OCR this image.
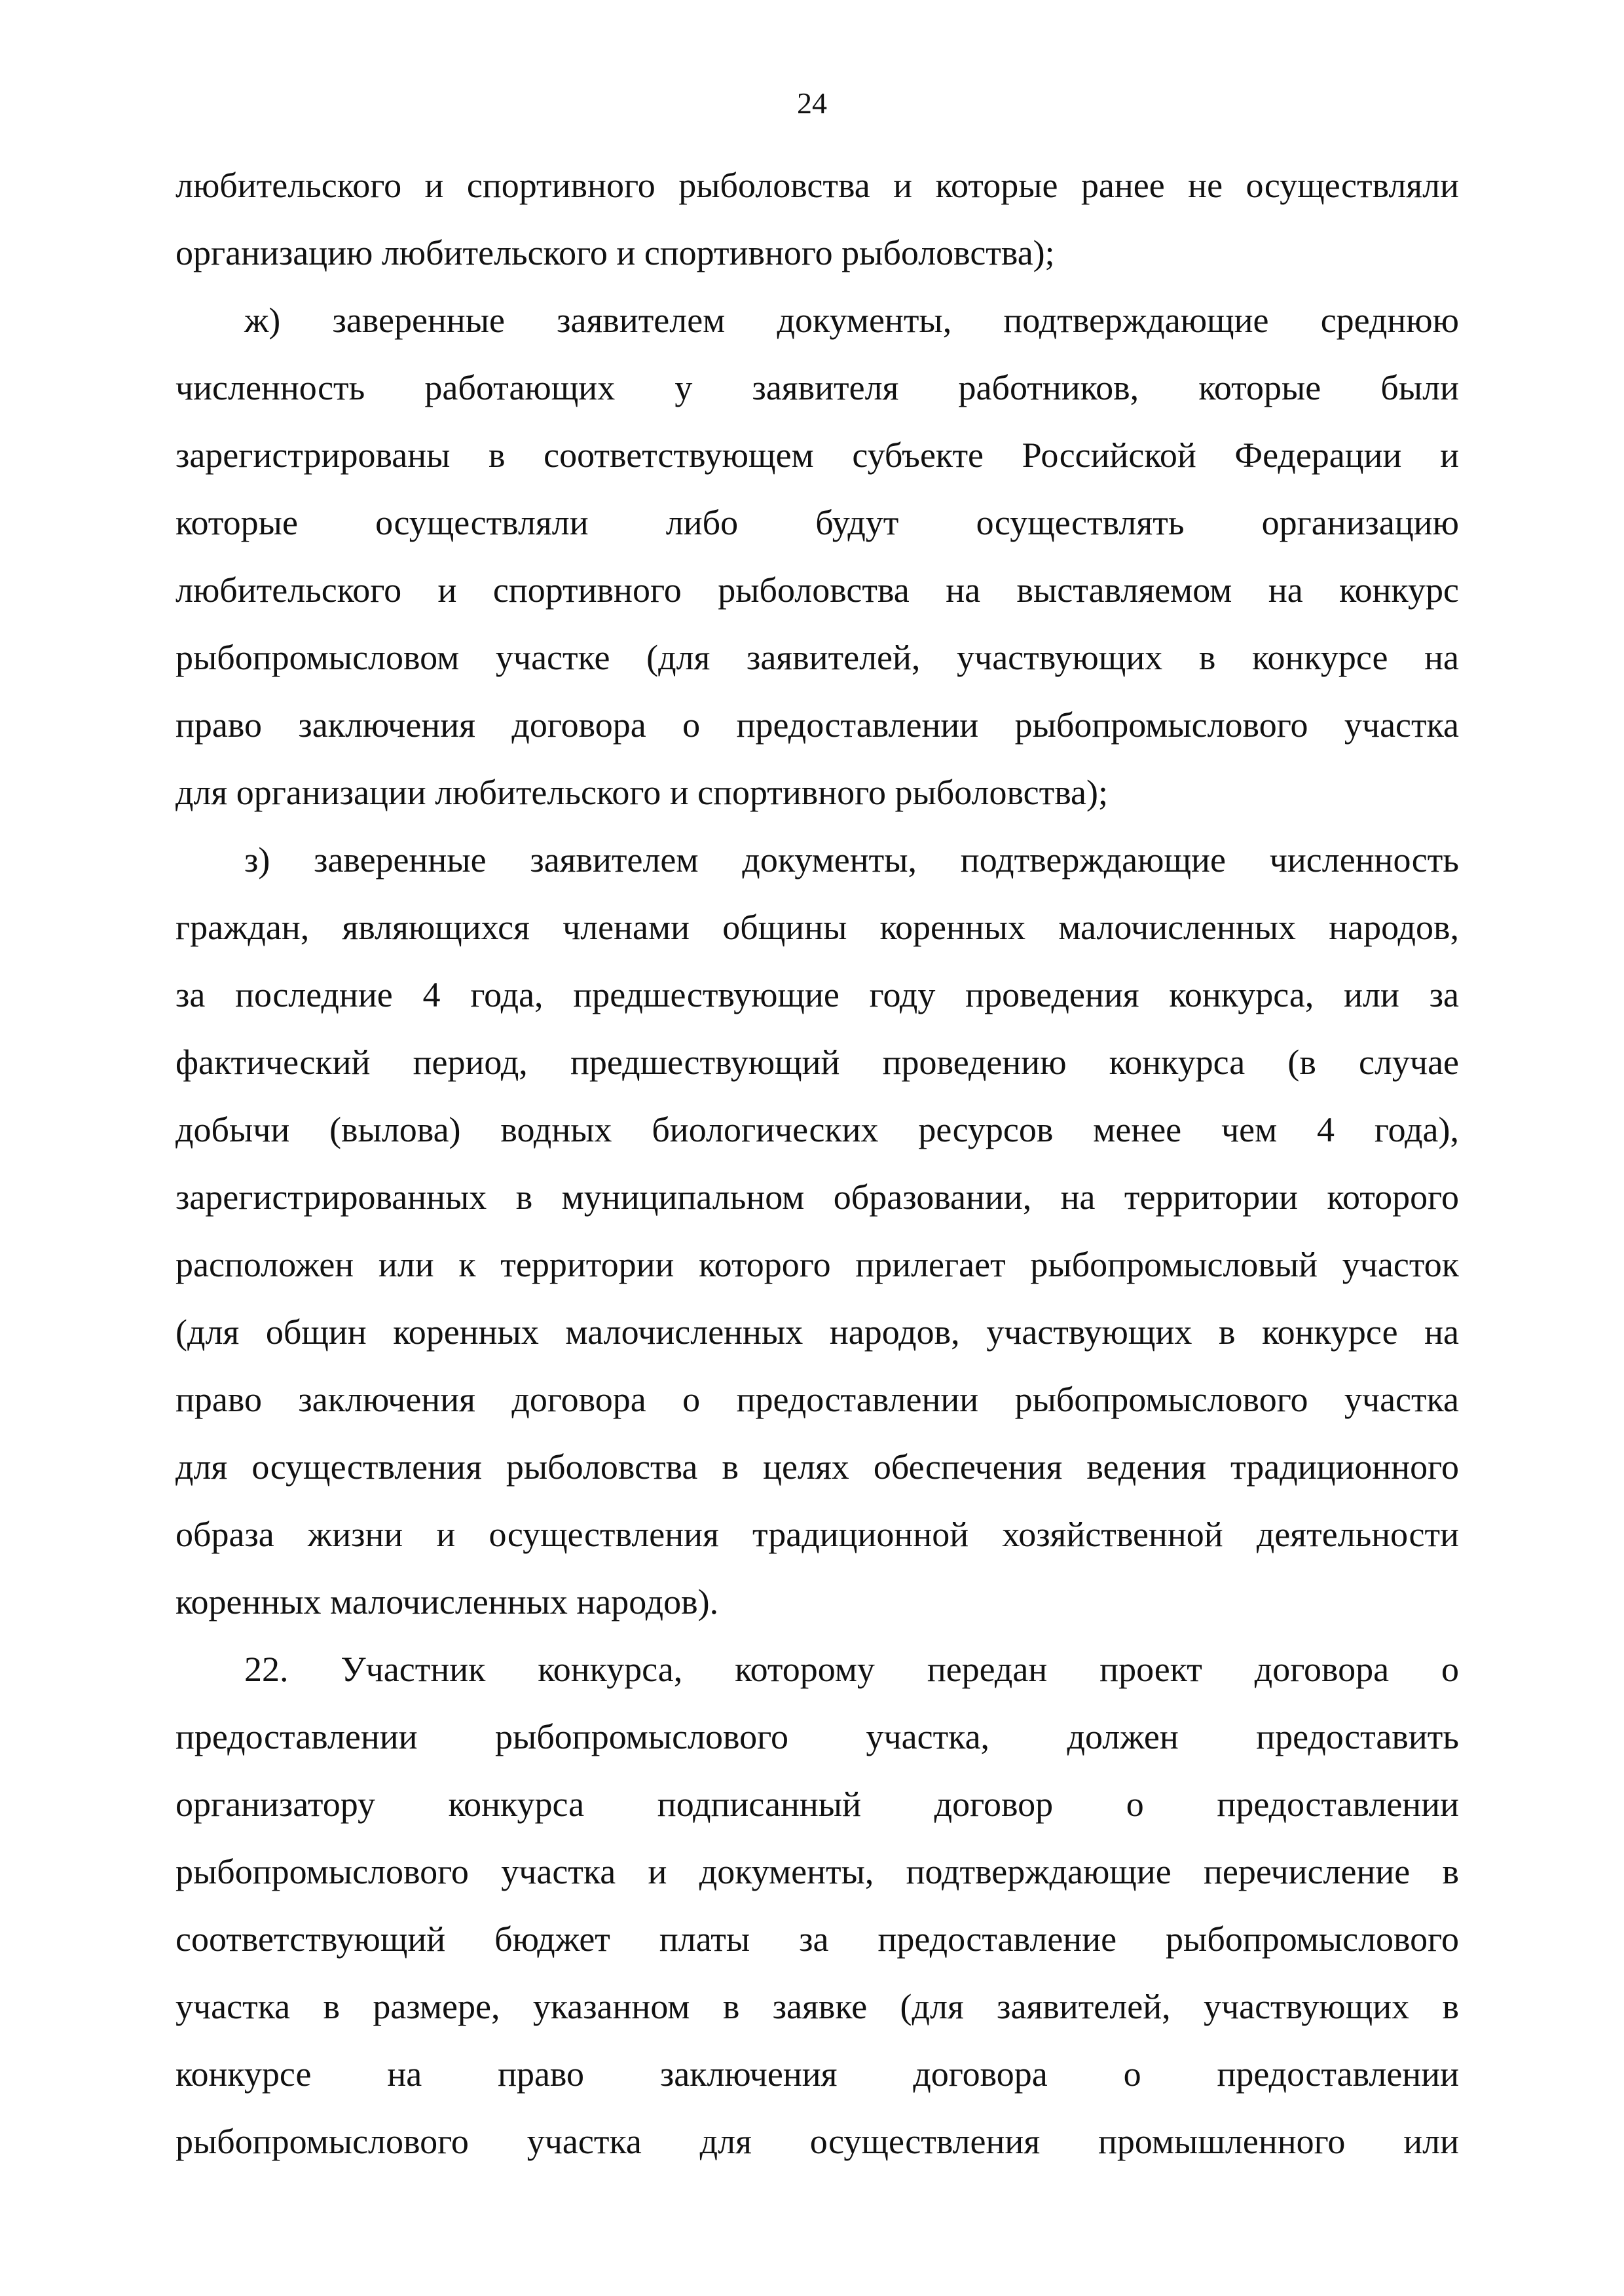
24
любительского и спортивного рыболовства и которые ранее не осуществляли
организацию любительского и спортивного рыболовства);
ж) заверенные заявителем документы, подтверждающие среднюю
численность работающих у заявителя работников, которые были
зарегистрированы в соответствующем субъекте Российской Федерации и
которые осуществляли либо будут осуществлять организацию
любительского и спортивного рыболовства на выставляемом на конкурс
рыбопромысловом участке (для заявителей, участвующих в конкурсе на
право заключения договора о предоставлении рыбопромыслового участка
для организации любительского и спортивного рыболовства);
з) заверенные заявителем документы, подтверждающие численность
граждан, являющихся членами общины коренных малочисленных народов,
за последние 4 года, предшествующие году проведения конкурса, или за
фактический период, предшествующий проведению конкурса (в случае
добычи (вылова) водных биологических ресурсов менее чем 4 года),
зарегистрированных в муниципальном образовании, на территории которого
расположен или к территории которого прилегает рыбопромысловый участок
(для общин коренных малочисленных народов, участвующих в конкурсе на
право заключения договора о предоставлении рыбопромыслового участка
для осуществления рыболовства в целях обеспечения ведения традиционного
образа жизни и осуществления традиционной хозяйственной деятельности
коренных малочисленных народов).
22. Участник конкурса, которому передан проект договора о
предоставлении рыбопромыслового участка, должен предоставить
организатору конкурса подписанный договор о предоставлении
рыбопромыслового участка и документы, подтверждающие перечисление в
соответствующий бюджет платы за предоставление рыбопромыслового
участка в размере, указанном в заявке (для заявителей, участвующих в
конкурсе на право заключения договора о предоставлении
рыбопромыслового участка для осуществления промышленного или
